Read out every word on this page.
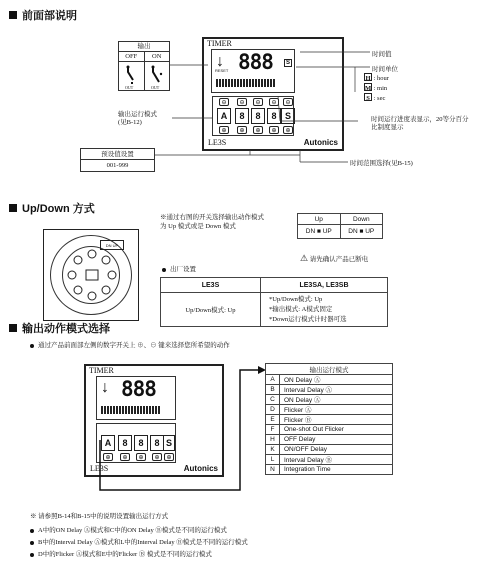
前面部说明
输出
OFF	ON
OUT	OUT
TIMER
↓ 888
RESET
S
⊖	⊖	⊖	⊖	⊖
A	8	8	8 S
⊕	⊕	⊕	⊕	⊕
LE3S	Autonics
H : hour
M : min
S : sec
时间值
时间单位
时间运行进度表显示，20等分百分比制度显示
输出运行模式
(见B-12)
时间范围选择(见B-15)
预设值设置
001-999
Up/Down 方式
DN UP
※通过右图的开关选择输出动作模式
为 Up 模式或是 Down 模式
Up	Down
DN ■ UP	DN ■ UP
⚠ 请先确认产品已断电
出厂设置
LE3S	LE3SA, LE3SB
Up/Down模式: Up	*Up/Down模式: Up
*输出模式: A模式固定
*Down运行模式计时器可选
输出动作模式选择
通过产品前面部左侧的数字开关上 ⊕、⊖ 键来选择您所希望的动作
TIMER
↓ 888
A	8	8	8 S
⊕	⊕	⊕	⊕	⊕
LE3S	Autonics
输出运行模式	
A	ON Delay Ⓐ
B	Interval Delay Ⓐ
C	ON Delay Ⓐ
D	Flicker Ⓐ
E	Flicker Ⓑ
F	One-shot Out Flicker
H	OFF Delay
K	ON/OFF Delay
L	Interval Delay Ⓑ
N	Integration Time
※ 请参照B-14和B-15中的说明设置输出运行方式
A中的ON Delay Ⓐ模式和C中的ON Delay Ⓑ模式是不同的运行模式
B中的Interval Delay Ⓐ模式和L中的Interval Delay Ⓑ模式是不同的运行模式
D中的Flicker Ⓐ模式和E中的Flicker Ⓑ 模式是不同的运行模式
